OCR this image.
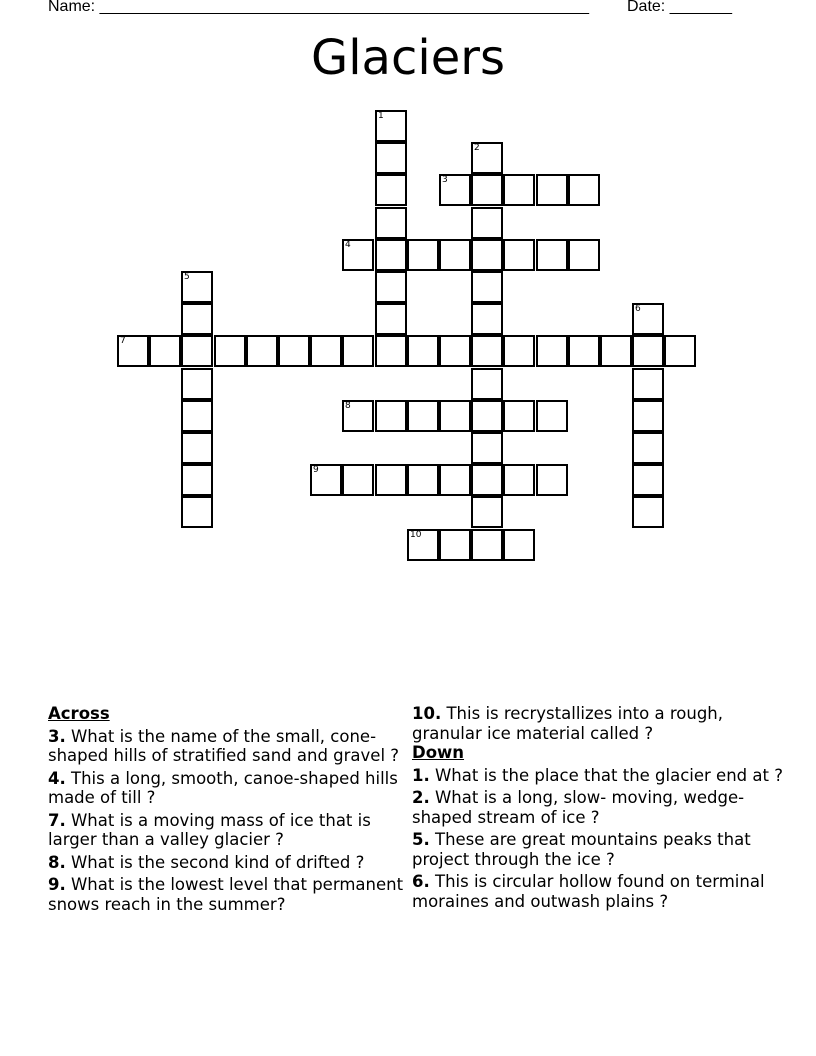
Name: _______________________________________________________ Date: _______
Glaciers
1
2
3
4
5
6
7
8
9
10
Across
3. What is the name of the small, cone-shaped hills of stratified sand and gravel ?
4. This a long, smooth, canoe-shaped hills made of till ?
7. What is a moving mass of ice that is larger than a valley glacier ?
8. What is the second kind of drifted ?
9. What is the lowest level that permanent snows reach in the summer?
10. This is recrystallizes into a rough, granular ice material called ?
Down
1. What is the place that the glacier end at ?
2. What is a long, slow- moving, wedge-shaped stream of ice ?
5. These are great mountains peaks that project through the ice ?
6. This is circular hollow found on terminal moraines and outwash plains ?
